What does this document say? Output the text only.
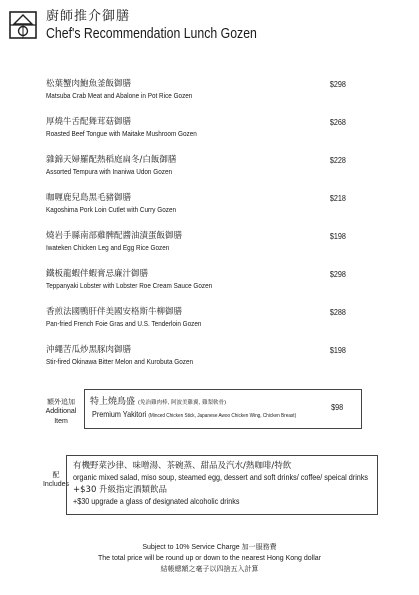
廚師推介御膳
Chef's Recommendation Lunch Gozen
松葉蟹肉鮑魚釜飯御膳
Matsuba Crab Meat and Abalone in Pot Rice Gozen
$298
厚燒牛舌配舞茸菇御膳
Roasted Beef Tongue with Maitake Mushroom Gozen
$268
雜錦天婦羅配熱稻庭扁冬/白飯御膳
Assorted Tempura with Inaniwa Udon Gozen
$228
咖喱鹿兒島黑毛豬御膳
Kagoshima Pork Loin Cutlet with Curry Gozen
$218
燒岩手縣南部雞髀配醬油漬蛋飯御膳
Iwateken Chicken Leg and Egg Rice Gozen
$198
鐵板龍蝦伴蝦膏忌廉汁御膳
Teppanyaki Lobster with Lobster Roe Cream Sauce Gozen
$298
香煎法國鴨肝伴美國安格斯牛柳御膳
Pan-fried French Foie Gras and U.S. Tenderloin Gozen
$288
沖繩苦瓜炒黑豚肉御膳
Stir-fired Okinawa Bitter Melon and Kurobuta Gozen
$198
額外追加
Additional Item
特上燒鳥盛 (免治雞肉棒, 阿波美雞翼, 雞梨軟骨)
Premium Yakitori (Minced Chicken Stick, Japanese Awoo Chicken Wing, Chicken Breast)
$98
配
Includes
有機野菜沙律、味噌湯、茶碗蒸、甜品及汽水/熱咖啡/特飲
organic mixed salad, miso soup, steamed egg, dessert and soft drinks/ coffee/ speical drinks
+$30 升級指定酒類飲品
+$30 upgrade a glass of designated alcoholic drinks
Subject to 10% Service Charge 加一服務費
The total price will be round up or down to the nearest Hong Kong dollar
結帳總額之毫子以四捨五入計算
